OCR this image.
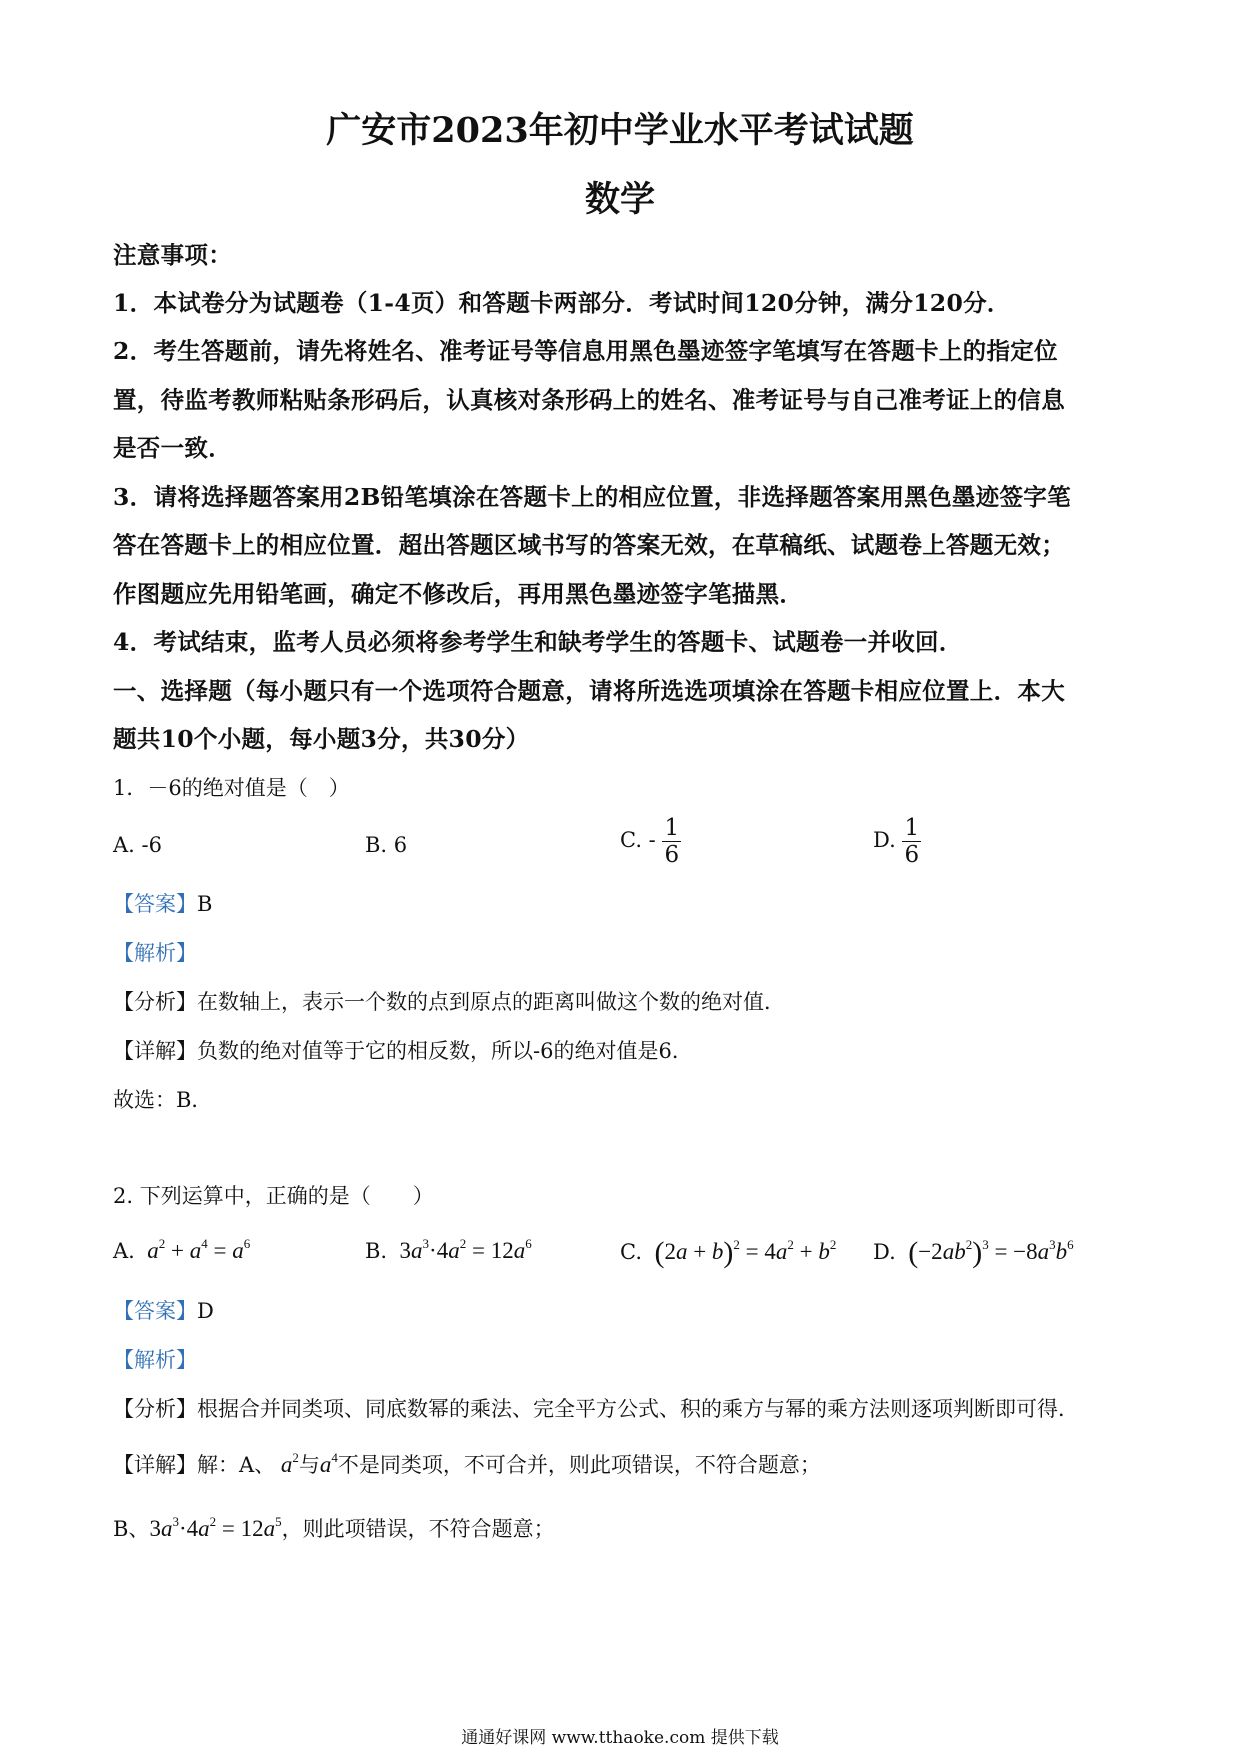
广安市2023年初中学业水平考试试题
数学
注意事项：
1．本试卷分为试题卷（1-4页）和答题卡两部分．考试时间120分钟，满分120分．
2．考生答题前，请先将姓名、准考证号等信息用黑色墨迹签字笔填写在答题卡上的指定位
置，待监考教师粘贴条形码后，认真核对条形码上的姓名、准考证号与自己准考证上的信息
是否一致．
3．请将选择题答案用2B铅笔填涂在答题卡上的相应位置，非选择题答案用黑色墨迹签字笔
答在答题卡上的相应位置．超出答题区域书写的答案无效，在草稿纸、试题卷上答题无效；
作图题应先用铅笔画，确定不修改后，再用黑色墨迹签字笔描黑．
4．考试结束，监考人员必须将参考学生和缺考学生的答题卡、试题卷一并收回．
一、选择题（每小题只有一个选项符合题意，请将所选选项填涂在答题卡相应位置上．本大
题共10个小题，每小题3分，共30分）
1．－6的绝对值是（　）
A. -6	B. 6	C. - $\frac{1}{6}$	D. $\frac{1}{6}$
【答案】B
【解析】
【分析】在数轴上，表示一个数的点到原点的距离叫做这个数的绝对值．
【详解】负数的绝对值等于它的相反数，所以-6的绝对值是6．
故选：B．
2. 下列运算中，正确的是（　　）
A.  $a^2 + a^4 = a^6$	B. $3a^3\cdot 4a^2 = 12a^6$	C. $(2a + b)^2 = 4a^2 + b^2$ D. $(-2ab^2)^3 = -8a^3b^6$
【答案】D
【解析】
【分析】根据合并同类项、同底数幂的乘法、完全平方公式、积的乘方与幂的乘方法则逐项判断即可得．
【详解】解：A、 $a^2$与$a^4$不是同类项，不可合并，则此项错误，不符合题意；
B、$3a^3\cdot 4a^2 = 12a^5$，则此项错误，不符合题意；
通通好课网 www.tthaoke.com 提供下载
